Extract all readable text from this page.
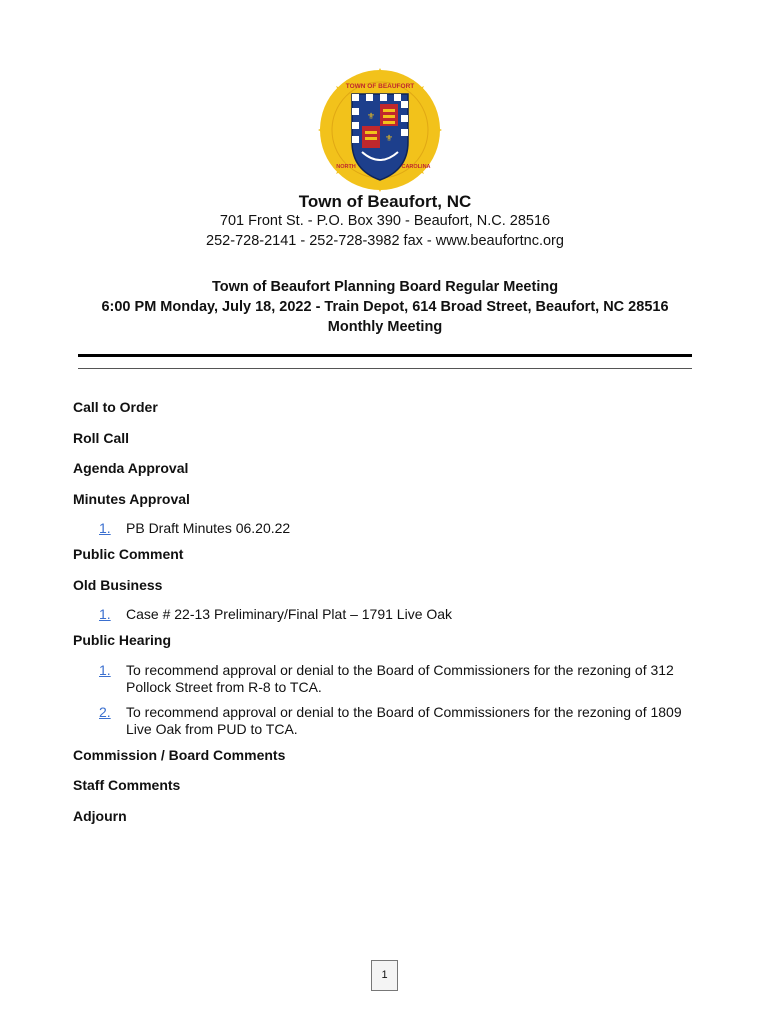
⚜
⚜
TOWN OF BEAUFORT
NORTH	CAROLINA
Town of Beaufort, NC
701 Front St. - P.O. Box 390 - Beaufort, N.C. 28516
252-728-2141 - 252-728-3982 fax - www.beaufortnc.org
Town of Beaufort Planning Board Regular Meeting
6:00 PM Monday, July 18, 2022 - Train Depot, 614 Broad Street, Beaufort, NC 28516
Monthly Meeting
Call to Order
Roll Call
Agenda Approval
Minutes Approval
1. PB Draft Minutes 06.20.22
Public Comment
Old Business
1. Case # 22-13 Preliminary/Final Plat – 1791 Live Oak
Public Hearing
1. To recommend approval or denial to the Board of Commissioners for the rezoning of 312
Pollock Street from R-8 to TCA.
2. To recommend approval or denial to the Board of Commissioners for the rezoning of 1809
Live Oak from PUD to TCA.
Commission / Board Comments
Staff Comments
Adjourn
1
